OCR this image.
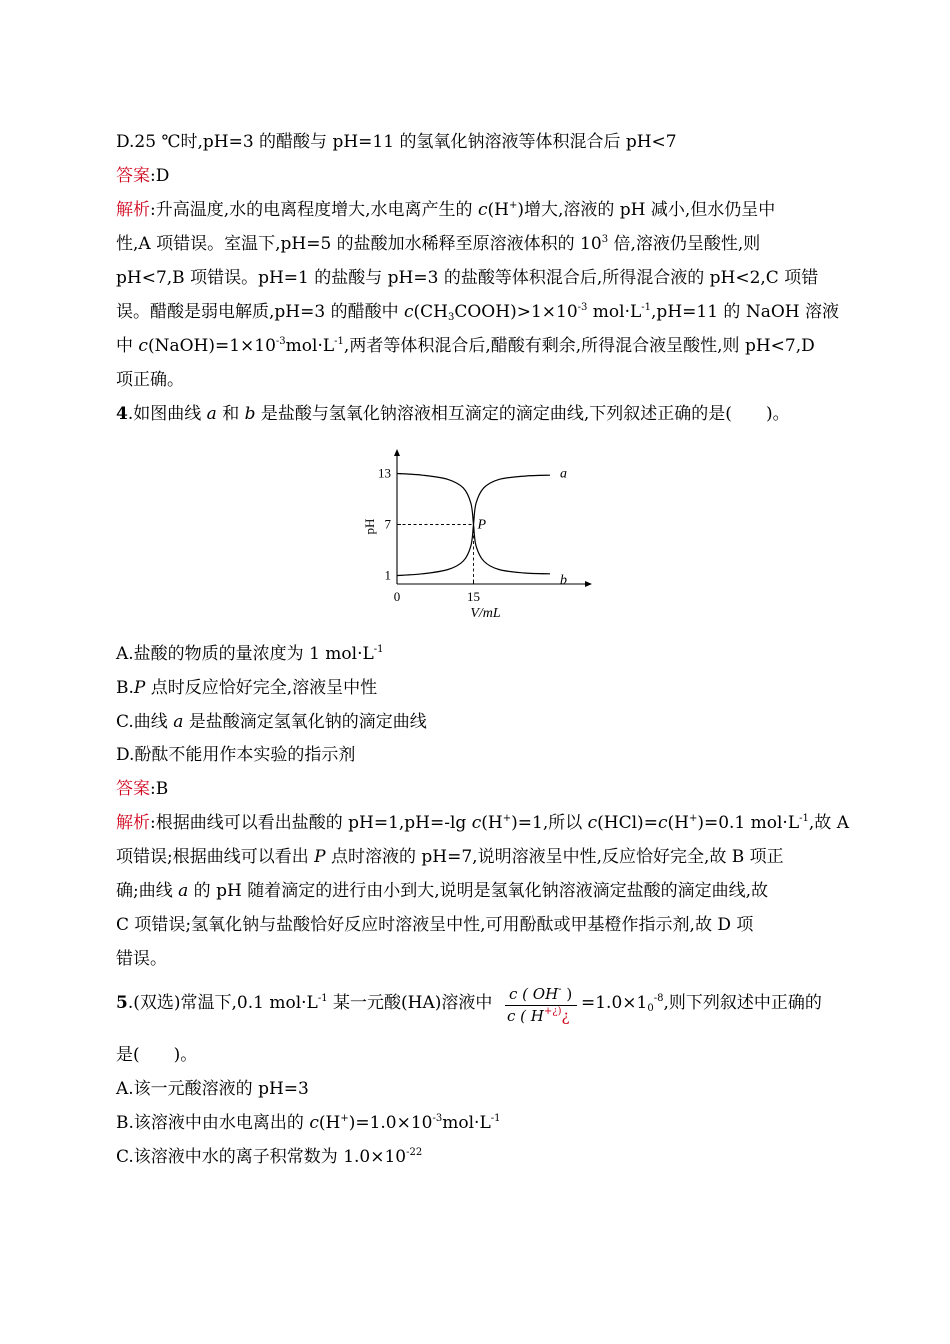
D.25 ℃时,pH=3 的醋酸与 pH=11 的氢氧化钠溶液等体积混合后 pH<7
答案:D
解析:升高温度,水的电离程度增大,水电离产生的 c(H+)增大,溶液的 pH 减小,但水仍呈中
性,A 项错误。室温下,pH=5 的盐酸加水稀释至原溶液体积的 $10^3$ 倍,溶液仍呈酸性,则
pH<7,B 项错误。pH=1 的盐酸与 pH=3 的盐酸等体积混合后,所得混合液的 pH<2,C 项错
误。醋酸是弱电解质,pH=3 的醋酸中 $c(CH_3COOH)>1\times 10^{-3}$ $mol\cdot L^{-1},pH=11$ 的 NaOH 溶液
中 $c(NaOH)=1\times 10^{-3}mol\cdot L^{-1}$,两者等体积混合后,醋酸有剩余,所得混合液呈酸性,则 pH<7,D
项正确。
4.如图曲线 a 和 b 是盐酸与氢氧化钠溶液相互滴定的滴定曲线,下列叙述正确的是(　　)。
1
7
13
0	15
a
b
P
pH
V/mL
A.盐酸的物质的量浓度为 1 $mol\cdot L^{-1}$
B.P 点时反应恰好完全,溶液呈中性
C.曲线 a 是盐酸滴定氢氧化钠的滴定曲线
D.酚酞不能用作本实验的指示剂
答案:B
解析:根据曲线可以看出盐酸的 pH=1,pH=-lg c(H+)=1,所以 c(HCl)=c(H+)=0.1 $mol\cdot L^{-1}$,故 A
项错误;根据曲线可以看出 P 点时溶液的 pH=7,说明溶液呈中性,反应恰好完全,故 B 项正
确;曲线 a 的 pH 随着滴定的进行由小到大,说明是氢氧化钠溶液滴定盐酸的滴定曲线,故
C 项错误;氢氧化钠与盐酸恰好反应时溶液呈中性,可用酚酞或甲基橙作指示剂,故 D 项
错误。
5.(双选)常温下,0.1 $mol\cdot L^{-1}$ 某一元酸(HA)溶液中 c ( OH- )
c ( H+¿)¿
$=1.0\times 1_0^{-8}$,则下列叙述中正确的
是(　　)。
A.该一元酸溶液的 pH=3
B.该溶液中由水电离出的 $c(H^+)=1.0\times 10^{-3}mol\cdot L^{-1}$
C.该溶液中水的离子积常数为 $1.0\times 10^{-22}$
